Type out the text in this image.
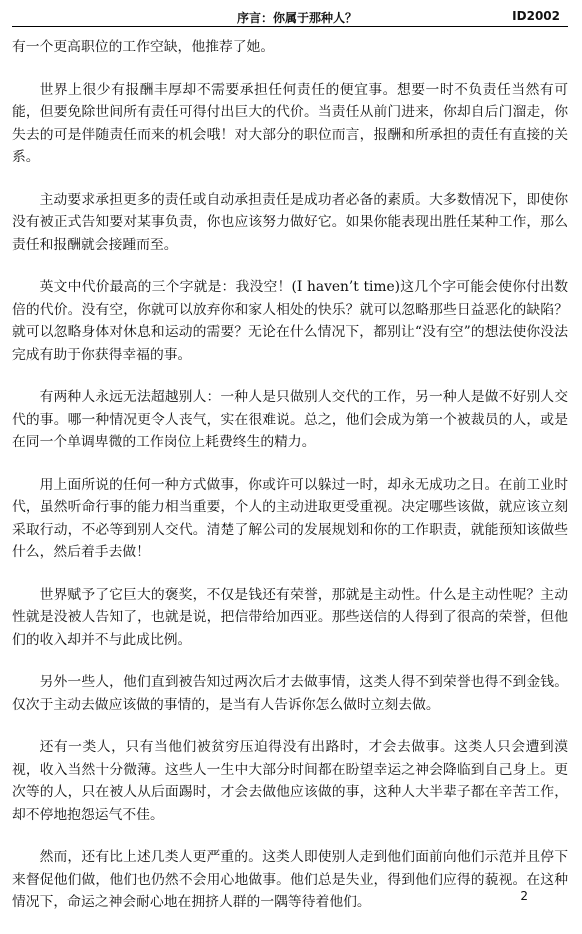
序言：你属于那种人？	ID2002

有一个更高职位的工作空缺，他推荐了她。

世界上很少有报酬丰厚却不需要承担任何责任的便宜事。想要一时不负责任当然有可能，但要免除世间所有责任可得付出巨大的代价。当责任从前门进来，你却自后门溜走，你失去的可是伴随责任而来的机会哦！对大部分的职位而言，报酬和所承担的责任有直接的关系。

主动要求承担更多的责任或自动承担责任是成功者必备的素质。大多数情况下，即使你没有被正式告知要对某事负责，你也应该努力做好它。如果你能表现出胜任某种工作，那么责任和报酬就会接踵而至。

英文中代价最高的三个字就是：我没空！(I haven’t time)这几个字可能会使你付出数倍的代价。没有空，你就可以放弃你和家人相处的快乐？就可以忽略那些日益恶化的缺陷？就可以忽略身体对休息和运动的需要？无论在什么情况下，都别让“没有空”的想法使你没法完成有助于你获得幸福的事。

有两种人永远无法超越别人：一种人是只做别人交代的工作，另一种人是做不好别人交代的事。哪一种情况更令人丧气，实在很难说。总之，他们会成为第一个被裁员的人，或是在同一个单调卑微的工作岗位上耗费终生的精力。

用上面所说的任何一种方式做事，你或许可以躲过一时，却永无成功之日。在前工业时代，虽然听命行事的能力相当重要，个人的主动进取更受重视。决定哪些该做，就应该立刻采取行动，不必等到别人交代。清楚了解公司的发展规划和你的工作职责，就能预知该做些什么，然后着手去做！

世界赋予了它巨大的褒奖，不仅是钱还有荣誉，那就是主动性。什么是主动性呢？主动性就是没被人告知了，也就是说，把信带给加西亚。那些送信的人得到了很高的荣誉，但他们的收入却并不与此成比例。

另外一些人，他们直到被告知过两次后才去做事情，这类人得不到荣誉也得不到金钱。仅次于主动去做应该做的事情的，是当有人告诉你怎么做时立刻去做。

还有一类人，只有当他们被贫穷压迫得没有出路时，才会去做事。这类人只会遭到漠视，收入当然十分微薄。这些人一生中大部分时间都在盼望幸运之神会降临到自己身上。更次等的人，只在被人从后面踢时，才会去做他应该做的事，这种人大半辈子都在辛苦工作，却不停地抱怨运气不佳。

然而，还有比上述几类人更严重的。这类人即使别人走到他们面前向他们示范并且停下来督促他们做，他们也仍然不会用心地做事。他们总是失业，得到他们应得的藐视。在这种情况下，命运之神会耐心地在拥挤人群的一隅等待着他们。	2
